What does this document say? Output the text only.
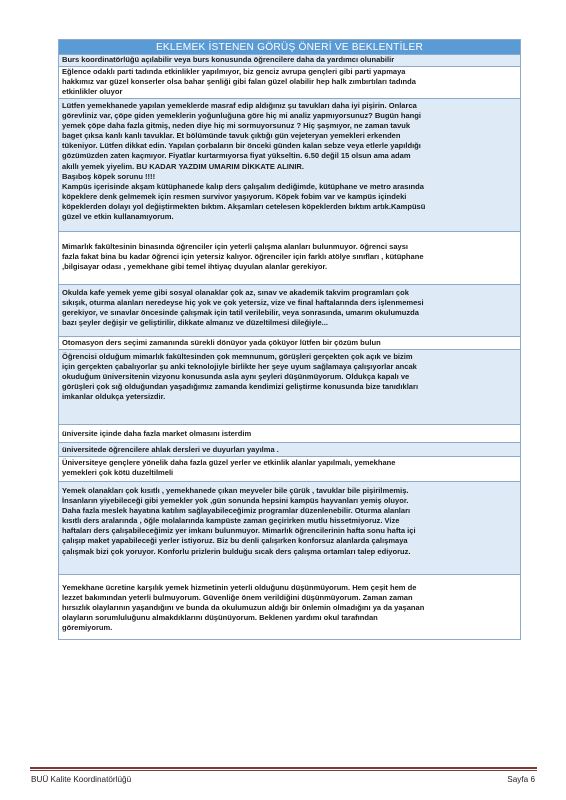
EKLEMEK İSTENEN GÖRÜŞ ÖNERİ VE BEKLENTİLER
Burs koordinatörlüğü açılabilir veya burs konusunda öğrencilere daha da yardımcı olunabilir
Eğlence odaklı parti tadında etkinlikler yapılmıyor, biz genciz avrupa gençleri gibi parti yapmaya
hakkımız var güzel konserler olsa bahar şenliği gibi falan güzel olabilir hep halk zımbırtıları tadında
etkinlikler oluyor
Lütfen yemekhanede yapılan yemeklerde masraf edip aldığınız şu tavukları daha iyi pişirin. Onlarca
görevliniz var, çöpe giden yemeklerin yoğunluğuna göre hiç mi analiz yapmıyorsunuz? Bugün hangi
yemek çöpe daha fazla gitmiş, neden diye hiç mi sormuyorsunuz ? Hiç şaşmıyor, ne zaman tavuk
baget çıksa kanlı kanlı tavuklar. Et bölümünde tavuk çıktığı gün vejeteryan yemekleri erkenden
tükeniyor. Lütfen dikkat edin. Yapılan çorbaların bir önceki günden kalan sebze veya etlerle yapıldığı
gözümüzden zaten kaçmıyor. Fiyatlar kurtarmıyorsa fiyat yükseltin. 6.50 değil 15 olsun ama adam
akıllı yemek yiyelim. BU KADAR YAZDIM UMARIM DİKKATE ALINIR.
Başıboş köpek sorunu !!!!
Kampüs içerisinde akşam kütüphanede kalıp ders çalışalım dediğimde, kütüphane ve metro arasında
köpeklere denk gelmemek için resmen survivor yaşıyorum. Köpek fobim var ve kampüs içindeki
köpeklerden dolayı yol değiştirmekten bıktım. Akşamları cetelesen köpeklerden bıktım artık.Kampüsü
güzel ve etkin kullanamıyorum.
Mimarlık fakültesinin binasında öğrenciler için yeterli çalışma alanları bulunmuyor. öğrenci saysı
fazla fakat bina bu kadar öğrenci için yetersiz kalıyor. öğrenciler için farklı atölye sınıfları , kütüphane
,bilgisayar odası , yemekhane gibi temel ihtiyaç duyulan alanlar gerekiyor.
Okulda kafe yemek yeme gibi sosyal olanaklar çok az, sınav ve akademik takvim programları çok
sıkışık, oturma alanları neredeyse hiç yok ve çok yetersiz, vize ve final haftalarında ders işlenmemesi
gerekiyor, ve sınavlar öncesinde çalışmak için tatil verilebilir, veya sonrasında, umarım okulumuzda
bazı şeyler değişir ve geliştirilir, dikkate almanız ve düzeltilmesi dileğiyle...
Otomasyon ders seçimi zamanında sürekli dönüyor yada çöküyor lütfen bir çözüm bulun
Öğrencisi olduğum mimarlık fakültesinden çok memnunum, görüşleri gerçekten çok açık ve bizim
için gerçekten çabalıyorlar şu anki teknolojiyle birlikte her şeye uyum sağlamaya çalışıyorlar ancak
okuduğum üniversitenin vizyonu konusunda asla aynı şeyleri düşünmüyorum. Oldukça kapalı ve
görüşleri çok sığ olduğundan yaşadığımız zamanda kendimizi geliştirme konusunda bize tanıdıkları
imkanlar oldukça yetersizdir.
üniversite içinde daha fazla market olmasını isterdim
üniversitede öğrencilere ahlak dersleri ve duyurları yayılma .
Üniversiteye gençlere yönelik daha fazla güzel yerler ve etkinlik alanlar yapılmalı, yemekhane
yemekleri çok kötü duzeltilmeli
Yemek olanakları çok kısıtlı , yemekhanede çıkan meyveler bile çürük , tavuklar bile pişirilmemiş.
İnsanların yiyebileceği gibi yemekler yok ,gün sonunda hepsini kampüs hayvanları yemiş oluyor.
Daha fazla meslek hayatına katılım sağlayabileceğimiz programlar düzenlenebilir. Oturma alanları
kısıtlı ders aralarında , öğle molalarında kampüste zaman geçirirken mutlu hissetmiyoruz. Vize
haftaları ders çalışabileceğimiz yer imkanı bulunmuyor. Mimarlık öğrencilerinin hafta sonu hafta içi
çalışıp maket yapabileceği yerler istiyoruz. Biz bu denli çalışırken konforsuz alanlarda çalışmaya
çalışmak bizi çok yoruyor. Konforlu prizlerin bulduğu sıcak ders çalışma ortamları talep ediyoruz.
Yemekhane ücretine karşılık yemek hizmetinin yeterli olduğunu düşünmüyorum. Hem çeşit hem de
lezzet bakımından yeterli bulmuyorum. Güvenliğe önem verildiğini düşünmüyorum. Zaman zaman
hırsızlık olaylarının yaşandığını ve bunda da okulumuzun aldığı bir önlemin olmadığını ya da yaşanan
olayların sorumluluğunu almakdıklarını düşünüyorum. Beklenen yardımı okul tarafından
göremiyorum.
BUÜ Kalite Koordinatörlüğü	Sayfa 6
